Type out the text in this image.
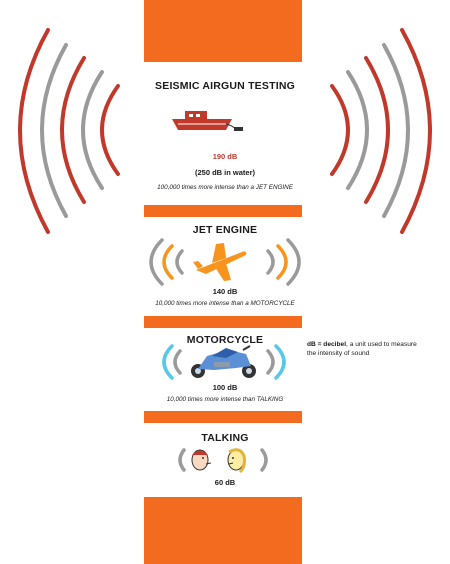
SEISMIC AIRGUN TESTING
190 dB
(250 dB in water)
100,000 times more intense than a JET ENGINE
JET ENGINE
140 dB
10,000 times more intense than a MOTORCYCLE
MOTORCYCLE
100 dB
10,000 times more intense than TALKING
TALKING
60 dB
dB = decibel, a unit used to measure the intensity of sound
